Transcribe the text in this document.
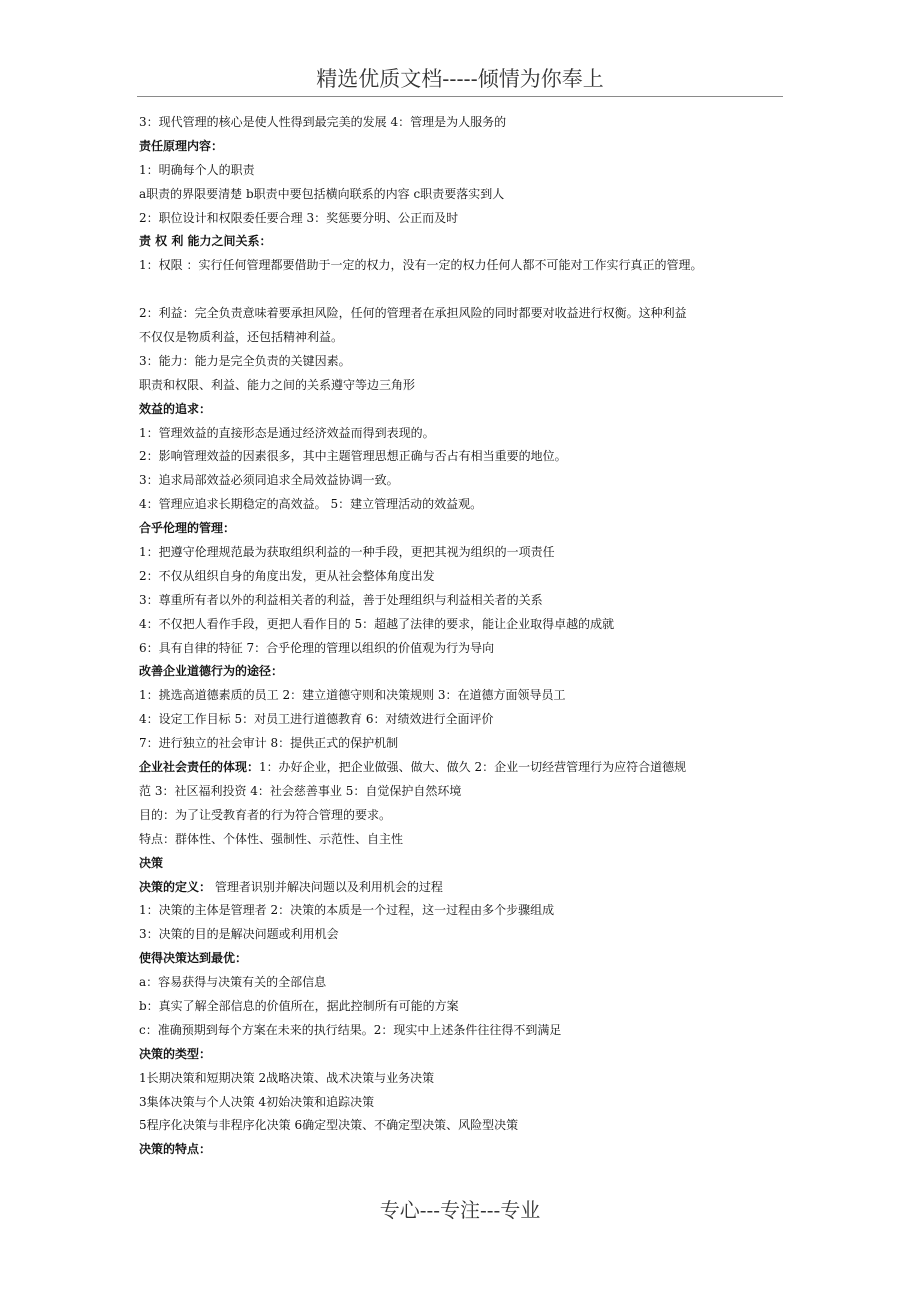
精选优质文档-----倾情为你奉上
3：现代管理的核心是使人性得到最完美的发展 4：管理是为人服务的
责任原理内容：
1：明确每个人的职责
a职责的界限要清楚 b职责中要包括横向联系的内容 c职责要落实到人
2：职位设计和权限委任要合理 3：奖惩要分明、公正而及时
责 权 利 能力之间关系：
1：权限 ：实行任何管理都要借助于一定的权力，没有一定的权力任何人都不可能对工作实行真正的管理。
2：利益：完全负责意味着要承担风险，任何的管理者在承担风险的同时都要对收益进行权衡。这种利益
不仅仅是物质利益，还包括精神利益。
3：能力：能力是完全负责的关键因素。
职责和权限、利益、能力之间的关系遵守等边三角形
效益的追求：
1：管理效益的直接形态是通过经济效益而得到表现的。
2：影响管理效益的因素很多，其中主题管理思想正确与否占有相当重要的地位。
3：追求局部效益必须同追求全局效益协调一致。
4：管理应追求长期稳定的高效益。 5：建立管理活动的效益观。
合乎伦理的管理：
1：把遵守伦理规范最为获取组织利益的一种手段，更把其视为组织的一项责任
2：不仅从组织自身的角度出发，更从社会整体角度出发
3：尊重所有者以外的利益相关者的利益，善于处理组织与利益相关者的关系
4：不仅把人看作手段，更把人看作目的 5：超越了法律的要求，能让企业取得卓越的成就
6：具有自律的特征 7：合乎伦理的管理以组织的价值观为行为导向
改善企业道德行为的途径：
1：挑选高道德素质的员工 2：建立道德守则和决策规则 3：在道德方面领导员工
4：设定工作目标 5：对员工进行道德教育 6：对绩效进行全面评价
7：进行独立的社会审计 8：提供正式的保护机制
企业社会责任的体现：1：办好企业，把企业做强、做大、做久 2：企业一切经营管理行为应符合道德规
范 3：社区福利投资 4：社会慈善事业 5：自觉保护自然环境
目的：为了让受教育者的行为符合管理的要求。
特点：群体性、个体性、强制性、示范性、自主性
决策
决策的定义： 管理者识别并解决问题以及利用机会的过程
1：决策的主体是管理者 2：决策的本质是一个过程，这一过程由多个步骤组成
3：决策的目的是解决问题或利用机会
使得决策达到最优：
a：容易获得与决策有关的全部信息
b：真实了解全部信息的价值所在，据此控制所有可能的方案
c：准确预期到每个方案在未来的执行结果。2：现实中上述条件往往得不到满足
决策的类型：
1长期决策和短期决策 2战略决策、战术决策与业务决策
3集体决策与个人决策 4初始决策和追踪决策
5程序化决策与非程序化决策 6确定型决策、不确定型决策、风险型决策
决策的特点：
专心---专注---专业
